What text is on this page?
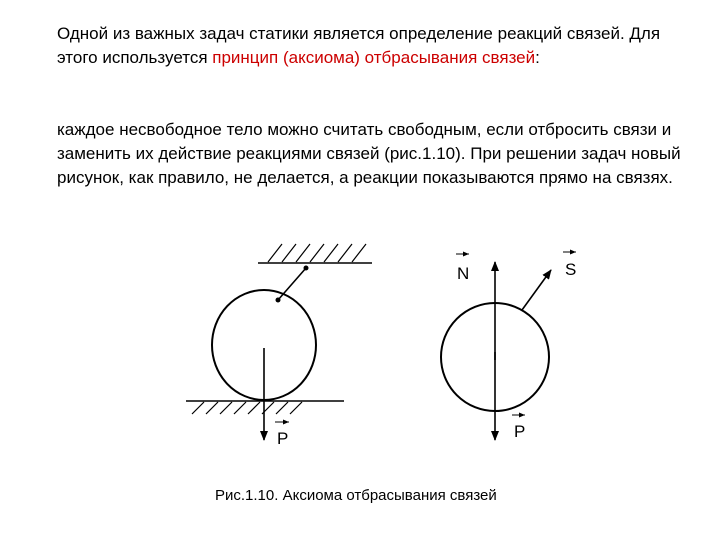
Одной из важных задач статики является определение реакций связей. Для этого используется принцип (аксиома) отбрасывания связей:

каждое несвободное тело можно считать свободным, если отбросить связи и заменить их действие реакциями связей (рис.1.10). При решении задач новый рисунок, как правило, не делается, а реакции показываются прямо на связях.

P
N	S
P
Рис.1.10. Аксиома отбрасывания связей
